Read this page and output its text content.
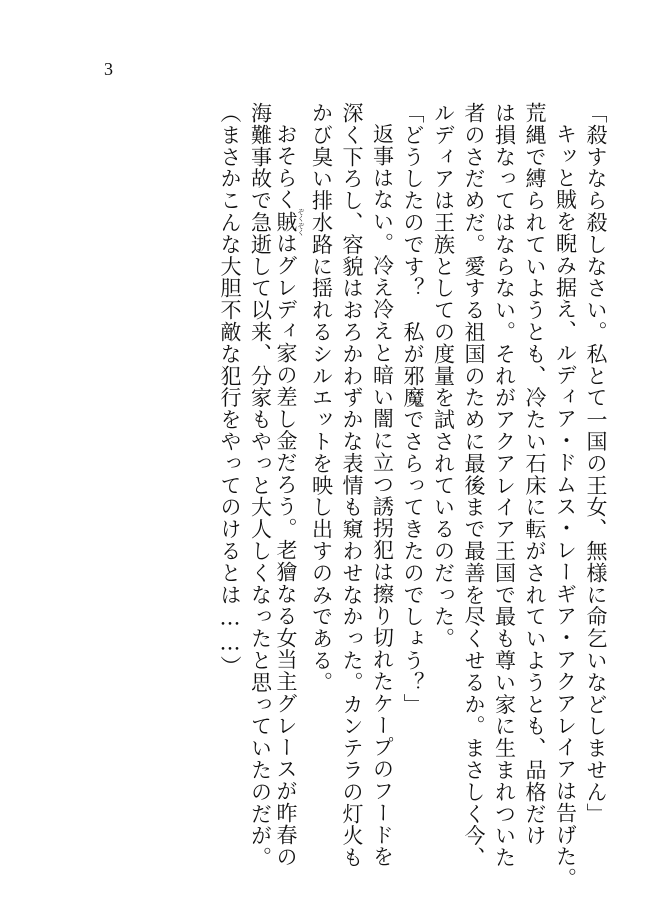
3
「殺すなら殺しなさい。私とて一国の王女、無様に命乞いなどしません」
キッと賊を睨み据え、ルディア・ドムス・レーギア・アクアレイアは告げた。
荒縄で縛られていようとも、冷たい石床に転がされていようとも、品格だけ
は損なってはならない。それがアクアレイア王国で最も尊い家に生まれついた
者のさだめだ。愛する祖国のために最後まで最善を尽くせるか。まさしく今、
ルディアは王族としての度量を試されているのだった。
「どうしたのです？　私が邪魔でさらってきたのでしょう？」
返事はない。冷え冷えと暗い闇に立つ誘拐犯は擦り切れたケープのフードを
深く下ろし、容貌はおろかわずかな表情も窺わせなかった。カンテラの灯火も
かび臭い排水路に揺れるシルエットを映し出すのみである。
おそらく賊 ぞくぞくはグレディ家の差し金だろう。老獪なる女当主グレースが昨春の
海難事故で急逝して以来、分家もやっと大人しくなったと思っていたのだが。
（まさかこんな大胆不敵な犯行をやってのけるとは……）
